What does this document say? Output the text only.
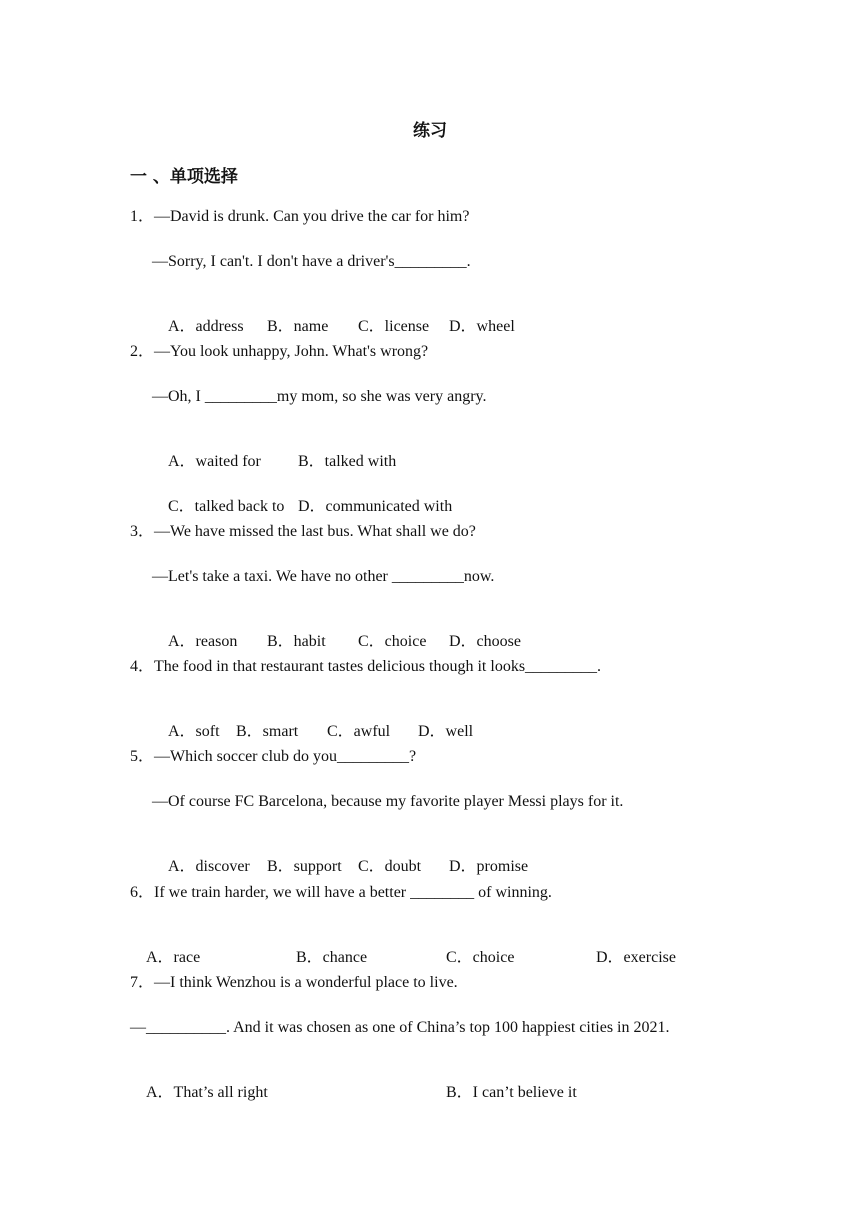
练习
一 、单项选择
1．—David is drunk. Can you drive the car for him?
—Sorry, I can't. I don't have a driver's_________.

A．address B．name C．license D．wheel

2．—You look unhappy, John. What's wrong?
—Oh, I _________my mom, so she was very angry.

A．waited for B．talked with

C．talked back to D．communicated with

3．—We have missed the last bus. What shall we do?
—Let's take a taxi. We have no other _________now.

A．reason B．habit C．choice D．choose

4．The food in that restaurant tastes delicious though it looks_________.

A．soft B．smart C．awful D．well

5．—Which soccer club do you_________?
—Of course FC Barcelona, because my favorite player Messi plays for it.

A．discover B．support C．doubt D．promise

6．If we train harder, we will have a better ________ of winning.

A．race	B．chance	C．choice	D．exercise

7．—I think Wenzhou is a wonderful place to live.
—__________. And it was chosen as one of China’s top 100 happiest cities in 2021.

A．That’s all right	B．I can’t believe it
